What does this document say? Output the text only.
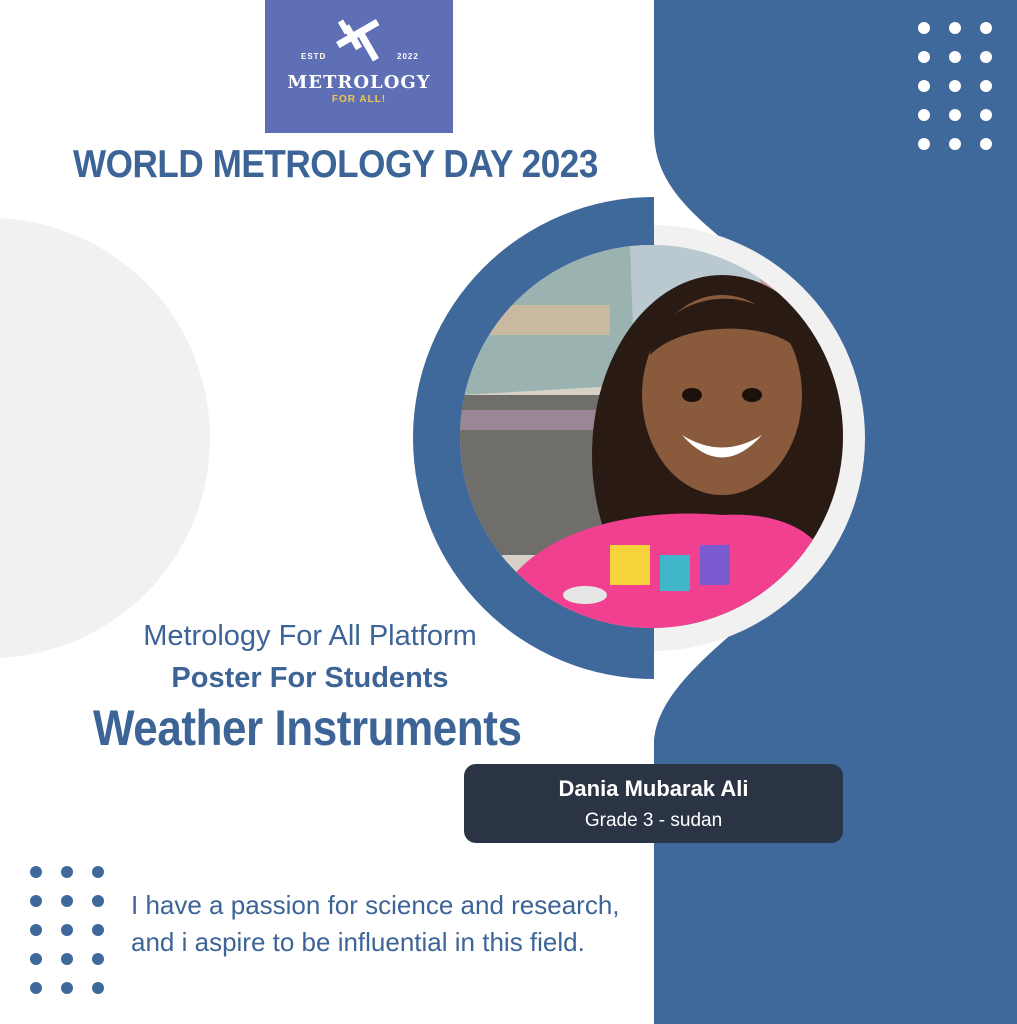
ESTD	2022
METROLOGY
FOR ALL!
WORLD METROLOGY DAY 2023
Metrology For All Platform
Poster For Students
Weather Instruments
Dania Mubarak Ali
Grade 3 - sudan
I have a passion for science and research,
and i aspire to be influential in this field.
